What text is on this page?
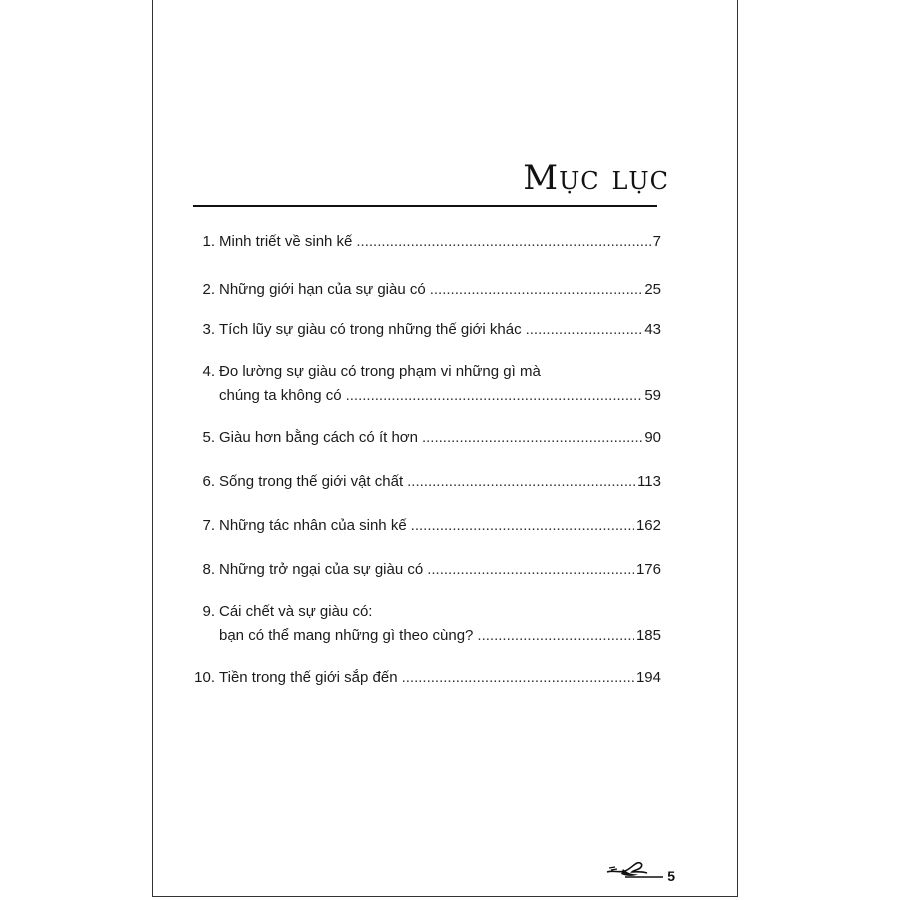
Mục lục
1. Minh triết về sinh kế .....	7
2. Những giới hạn của sự giàu có .....	25
3. Tích lũy sự giàu có trong những thế giới khác .....	43
4. Đo lường sự giàu có trong phạm vi những gì mà
chúng ta không có .....	59
5. Giàu hơn bằng cách có ít hơn .....	90
6. Sống trong thế giới vật chất .....	113
7. Những tác nhân của sinh kế .....	162
8. Những trở ngại của sự giàu có .....	176
9. Cái chết và sự giàu có:
bạn có thể mang những gì theo cùng? .....	185
10. Tiền trong thế giới sắp đến .....	194
5
